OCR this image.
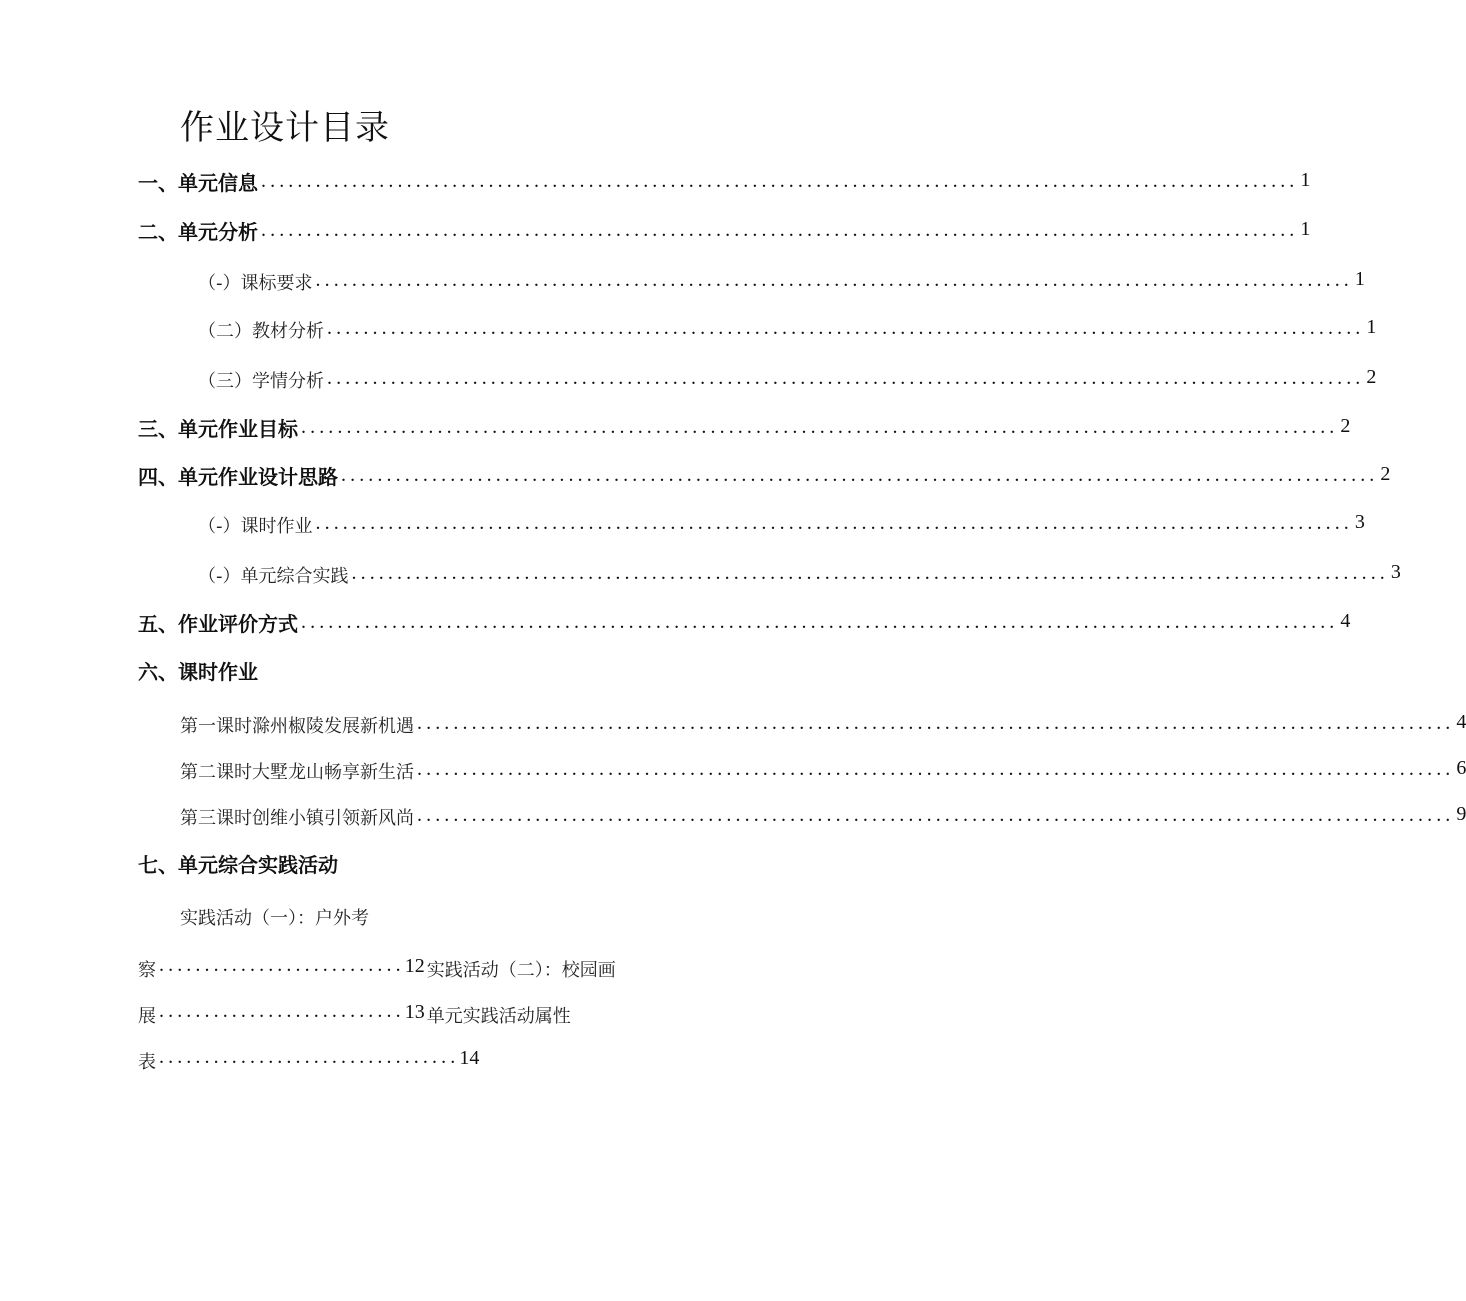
作业设计目录
一、单元信息 .................................................................................................................. 1
二、单元分析 .................................................................................................................. 1
（-）课标要求 .................................................................................................................. 1
（二）教材分析 .................................................................................................................. 1
（三）学情分析 .................................................................................................................. 2
三、单元作业目标 .................................................................................................................. 2
四、单元作业设计思路 .................................................................................................................. 2
（-）课时作业 .................................................................................................................. 3
（-）单元综合实践 .................................................................................................................. 3
五、作业评价方式 .................................................................................................................. 4
六、课时作业
第一课时滁州椒陵发展新机遇 .................................................................................................................. 4
第二课时大墅龙山畅享新生活 .................................................................................................................. 6
第三课时创维小镇引领新风尚 .................................................................................................................. 9
七、单元综合实践活动
实践活动（一）：户外考
察 ........................... 12 实践活动（二）：校园画
展 ........................... 13 单元实践活动属性
表 ................................. 14
